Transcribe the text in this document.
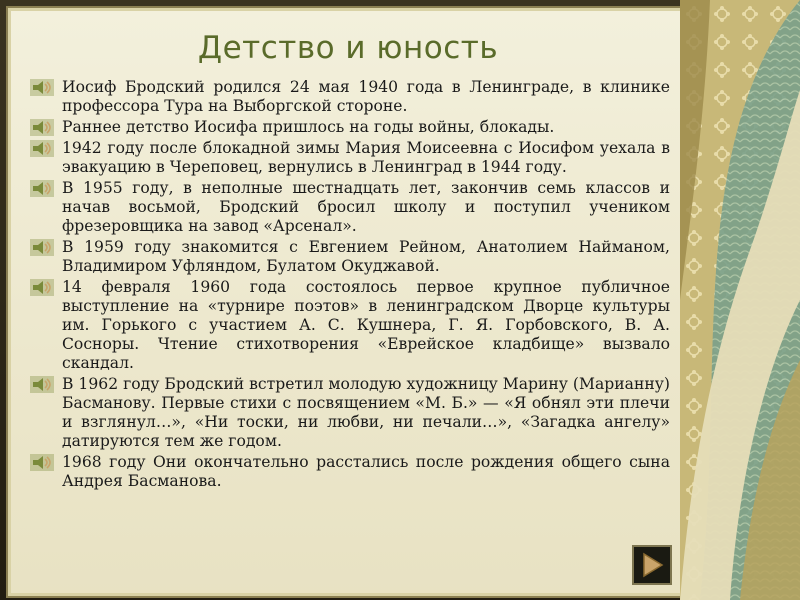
Детство и юность
Иосиф Бродский родился 24 мая 1940 года в Ленинграде, в клинике профессора Тура на Выборгской стороне.
Раннее детство Иосифа пришлось на годы войны, блокады.
1942 году после блокадной зимы Мария Моисеевна с Иосифом уехала в эвакуацию в Череповец, вернулись в Ленинград в 1944 году.
В 1955 году, в неполные шестнадцать лет, закончив семь классов и начав восьмой, Бродский бросил школу и поступил учеником фрезеровщика на завод «Арсенал».
В 1959 году знакомится с Евгением Рейном, Анатолием Найманом, Владимиром Уфляндом, Булатом Окуджавой.
14 февраля 1960 года состоялось первое крупное публичное выступление на «турнире поэтов» в ленинградском Дворце культуры им. Горького с участием А. С. Кушнера, Г. Я. Горбовского, В. А. Сосноры. Чтение стихотворения «Еврейское кладбище» вызвало скандал.
В 1962 году Бродский встретил молодую художницу Марину (Марианну) Басманову. Первые стихи с посвящением «М. Б.» — «Я обнял эти плечи и взглянул…», «Ни тоски, ни любви, ни печали…», «Загадка ангелу» датируются тем же годом.
1968 году Они окончательно расстались после рождения общего сына Андрея Басманова.
